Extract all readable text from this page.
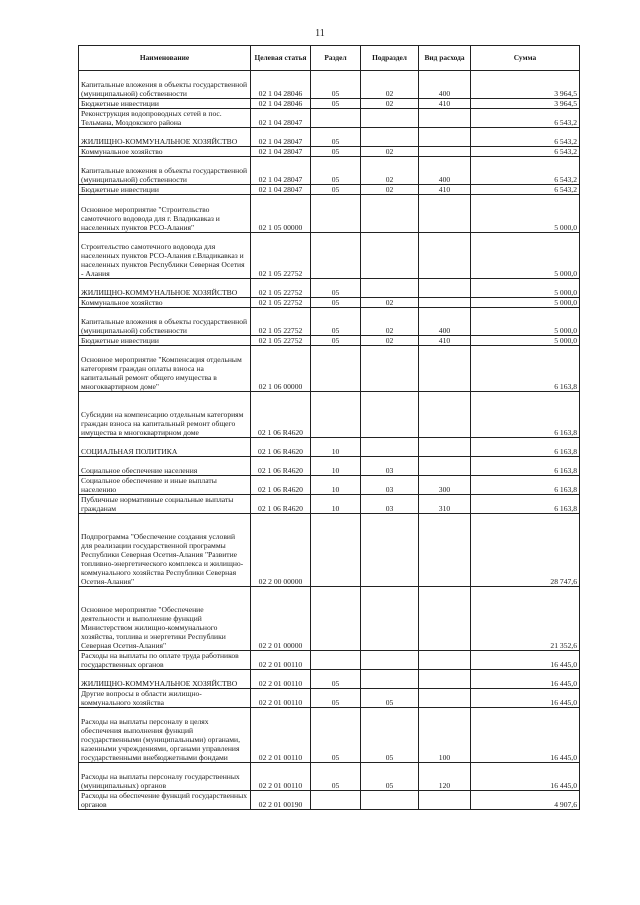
11
Наименование	Целевая статья	Раздел	Подраздел	Вид расхода	Сумма
Капитальные вложения в объекты государственной (муниципальной) собственности	02 1 04 28046	05	02	400	3 964,5
Бюджетные инвестиции	02 1 04 28046	05	02	410	3 964,5
Реконструкция водопроводных сетей в пос. Тельмана, Моздокского района	02 1 04 28047				6 543,2
ЖИЛИЩНО-КОММУНАЛЬНОЕ ХОЗЯЙСТВО	02 1 04 28047	05			6 543,2
Коммунальное хозяйство	02 1 04 28047	05	02		6 543,2
Капитальные вложения в объекты государственной (муниципальной) собственности	02 1 04 28047	05	02	400	6 543,2
Бюджетные инвестиции	02 1 04 28047	05	02	410	6 543,2
Основное мероприятие "Строительство самотечного водовода для г. Владикавказ и населенных пунктов РСО-Алания"	02 1 05 00000				5 000,0
Строительство самотечного водовода для населенных пунктов РСО-Алания г.Владикавказ и населенных пунктов Республики Северная Осетия - Алания	02 1 05 22752				5 000,0
ЖИЛИЩНО-КОММУНАЛЬНОЕ ХОЗЯЙСТВО	02 1 05 22752	05			5 000,0
Коммунальное хозяйство	02 1 05 22752	05	02		5 000,0
Капитальные вложения в объекты государственной (муниципальной) собственности	02 1 05 22752	05	02	400	5 000,0
Бюджетные инвестиции	02 1 05 22752	05	02	410	5 000,0
Основное мероприятие "Компенсация отдельным категориям граждан оплаты взноса на капитальный ремонт общего имущества в многоквартирном доме"	02 1 06 00000				6 163,8
Субсидии на компенсацию отдельным категориям граждан взноса на капитальный ремонт общего имущества в многоквартирном доме	02 1 06 R4620				6 163,8
СОЦИАЛЬНАЯ ПОЛИТИКА	02 1 06 R4620	10			6 163,8
Социальное обеспечение населения	02 1 06 R4620	10	03		6 163,8
Социальное обеспечение и иные выплаты населению	02 1 06 R4620	10	03	300	6 163,8
Публичные нормативные социальные выплаты гражданам	02 1 06 R4620	10	03	310	6 163,8
Подпрограмма "Обеспечение создания условий для реализации государственной программы Республики Северная Осетия-Алания "Развитие топливно-энергетического комплекса и жилищно-коммунального хозяйства Республики Северная Осетия-Алания"	02 2 00 00000				28 747,6
Основное мероприятие "Обеспечение деятельности и выполнение функций Министерством жилищно-коммунального хозяйства, топлива и энергетики Республики Северная Осетия-Алания"	02 2 01 00000				21 352,6
Расходы на выплаты по оплате труда работников государственных органов	02 2 01 00110				16 445,0
ЖИЛИЩНО-КОММУНАЛЬНОЕ ХОЗЯЙСТВО	02 2 01 00110	05			16 445,0
Другие вопросы в области жилищно-коммунального хозяйства	02 2 01 00110	05	05		16 445,0
Расходы на выплаты персоналу в целях обеспечения выполнения функций государственными (муниципальными) органами, казенными учреждениями, органами управления государственными внебюджетными фондами	02 2 01 00110	05	05	100	16 445,0
Расходы на выплаты персоналу государственных (муниципальных) органов	02 2 01 00110	05	05	120	16 445,0
Расходы на обеспечение функций государственных органов	02 2 01 00190				4 907,6
